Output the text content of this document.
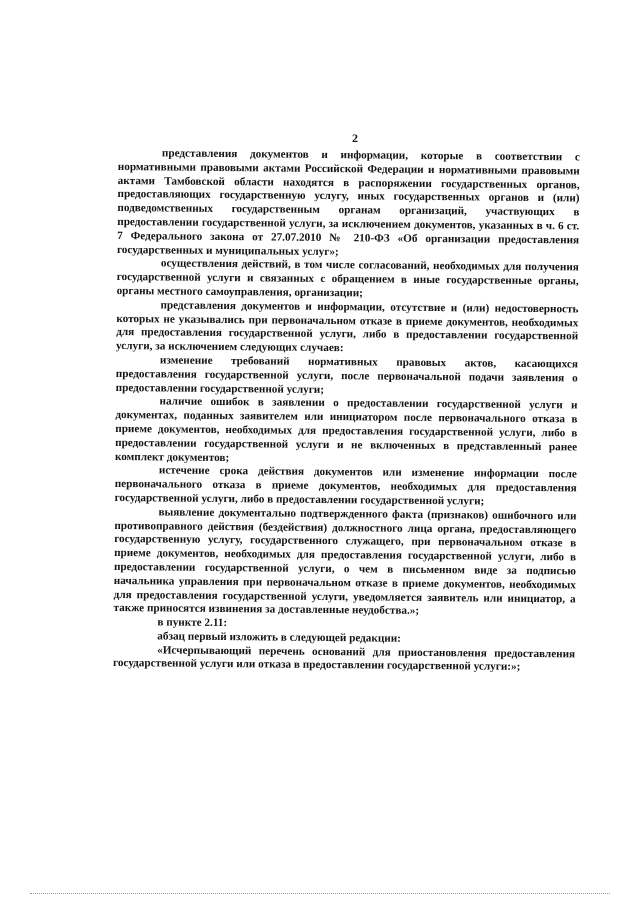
2

представления документов и информации, которые в соответствии с нормативными правовыми актами Российской Федерации и нормативными правовыми актами Тамбовской области находятся в распоряжении государственных органов, предоставляющих государственную услугу, иных государственных органов и (или) подведомственных государственным органам организаций, участвующих в предоставлении государственной услуги, за исключением документов, указанных в ч. 6 ст. 7 Федерального закона от 27.07.2010 № 210-ФЗ «Об организации предоставления государственных и муниципальных услуг»;

осуществления действий, в том числе согласований, необходимых для получения государственной услуги и связанных с обращением в иные государственные органы, органы местного самоуправления, организации;

представления документов и информации, отсутствие и (или) недостоверность которых не указывались при первоначальном отказе в приеме документов, необходимых для предоставления государственной услуги, либо в предоставлении государственной услуги, за исключением следующих случаев:

изменение требований нормативных правовых актов, касающихся предоставления государственной услуги, после первоначальной подачи заявления о предоставлении государственной услуги;

наличие ошибок в заявлении о предоставлении государственной услуги и документах, поданных заявителем или инициатором после первоначального отказа в приеме документов, необходимых для предоставления государственной услуги, либо в предоставлении государственной услуги и не включенных в представленный ранее комплект документов;

истечение срока действия документов или изменение информации после первоначального отказа в приеме документов, необходимых для предоставления государственной услуги, либо в предоставлении государственной услуги;

выявление документально подтвержденного факта (признаков) ошибочного или противоправного действия (бездействия) должностного лица органа, предоставляющего государственную услугу, государственного служащего, при первоначальном отказе в приеме документов, необходимых для предоставления государственной услуги, либо в предоставлении государственной услуги, о чем в письменном виде за подписью начальника управления при первоначальном отказе в приеме документов, необходимых для предоставления государственной услуги, уведомляется заявитель или инициатор, а также приносятся извинения за доставленные неудобства.»;

в пункте 2.11:

абзац первый изложить в следующей редакции:

«Исчерпывающий перечень оснований для приостановления предоставления государственной услуги или отказа в предоставлении государственной услуги:»;
